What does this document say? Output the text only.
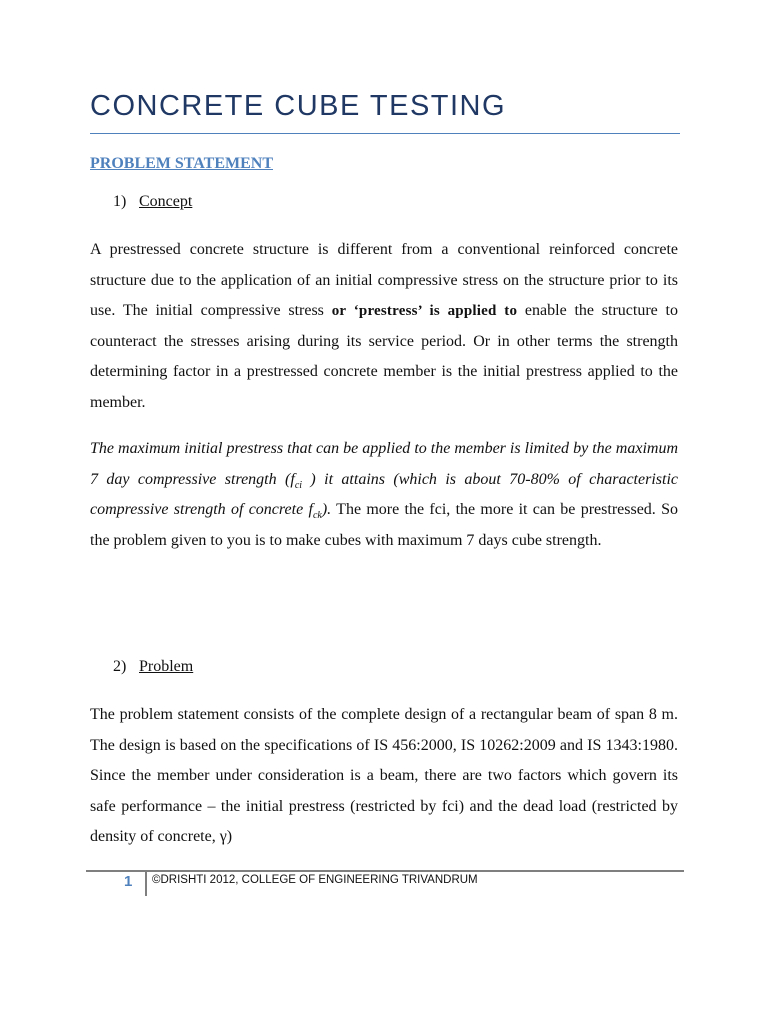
CONCRETE CUBE TESTING
PROBLEM STATEMENT
1) Concept

A prestressed concrete structure is different from a conventional reinforced concrete structure due to the application of an initial compressive stress on the structure prior to its use. The initial compressive stress or ‘prestress’ is applied to enable the structure to counteract the stresses arising during its service period. Or in other terms the strength determining factor in a prestressed concrete member is the initial prestress applied to the member.

The maximum initial prestress that can be applied to the member is limited by the maximum 7 day compressive strength ($f_{ci}$ ) it attains (which is about 70-80% of characteristic compressive strength of concrete $f_{ck}$). The more the fci, the more it can be prestressed. So the problem given to you is to make cubes with maximum 7 days cube strength.

2) Problem

The problem statement consists of the complete design of a rectangular beam of span 8 m. The design is based on the specifications of IS 456:2000, IS 10262:2009 and IS 1343:1980. Since the member under consideration is a beam, there are two factors which govern its safe performance – the initial prestress (restricted by fci) and the dead load (restricted by density of concrete, γ)

1 ©DRISHTI 2012, COLLEGE OF ENGINEERING TRIVANDRUM
